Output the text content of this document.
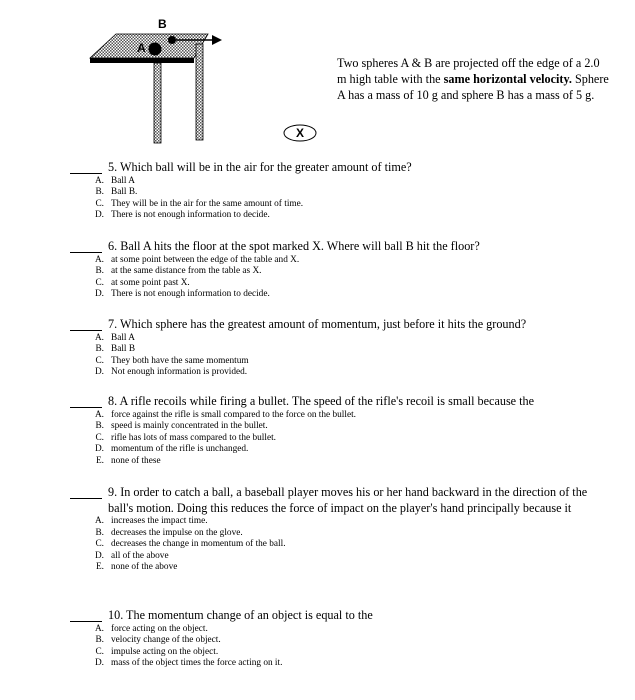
B
A
X
Two spheres A & B are projected off the edge of a 2.0 m high table with the same horizontal velocity. Sphere A has a mass of 10 g and sphere B has a mass of 5 g.
5. Which ball will be in the air for the greater amount of time?
A. Ball A
B. Ball B.
C. They will be in the air for the same amount of time.
D. There is not enough information to decide.
6. Ball A hits the floor at the spot marked X. Where will ball B hit the floor?
A. at some point between the edge of the table and X.
B. at the same distance from the table as X.
C. at some point past X.
D. There is not enough information to decide.
7. Which sphere has the greatest amount of momentum, just before it hits the ground?
A. Ball A
B. Ball B
C. They both have the same momentum
D. Not enough information is provided.
8. A rifle recoils while firing a bullet. The speed of the rifle's recoil is small because the
A. force against the rifle is small compared to the force on the bullet.
B. speed is mainly concentrated in the bullet.
C. rifle has lots of mass compared to the bullet.
D. momentum of the rifle is unchanged.
E. none of these
9. In order to catch a ball, a baseball player moves his or her hand backward in the direction of the ball's motion. Doing this reduces the force of impact on the player's hand principally because it
A. increases the impact time.
B. decreases the impulse on the glove.
C. decreases the change in momentum of the ball.
D. all of the above
E. none of the above
10. The momentum change of an object is equal to the
A. force acting on the object.
B. velocity change of the object.
C. impulse acting on the object.
D. mass of the object times the force acting on it.
